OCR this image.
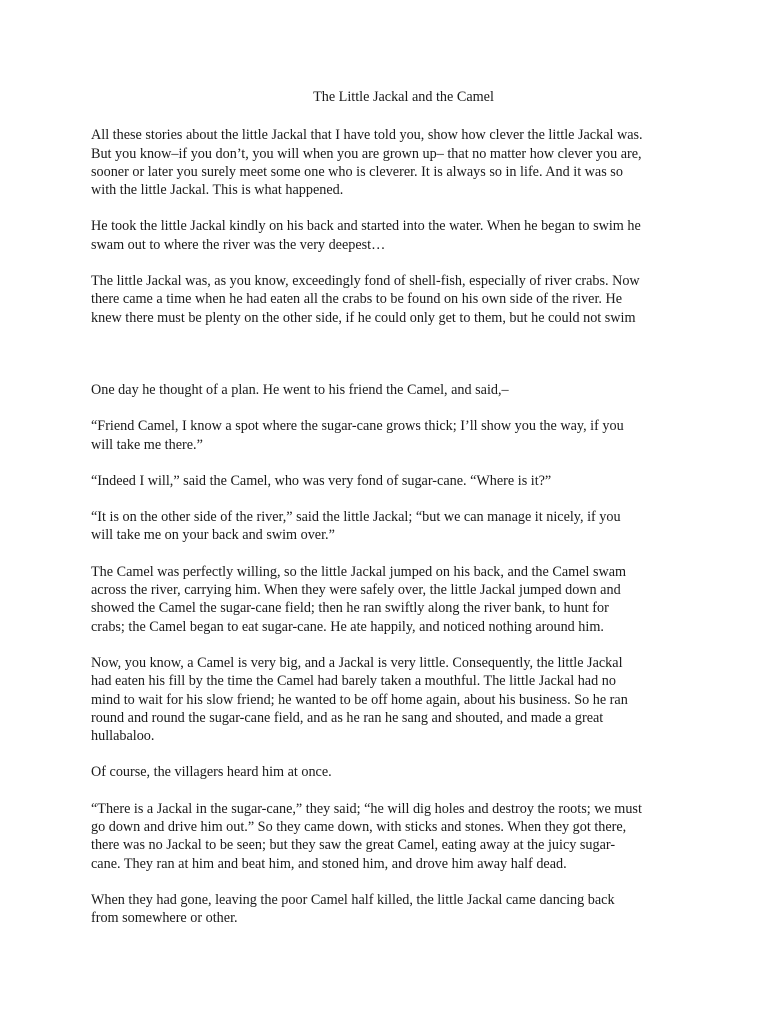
The Little Jackal and the Camel

All these stories about the little Jackal that I have told you, show how clever the little Jackal was.
But you know–if you don’t, you will when you are grown up– that no matter how clever you are,
sooner or later you surely meet some one who is cleverer. It is always so in life. And it was so
with the little Jackal. This is what happened.

He took the little Jackal kindly on his back and started into the water. When he began to swim he
swam out to where the river was the very deepest…

The little Jackal was, as you know, exceedingly fond of shell-fish, especially of river crabs. Now
there came a time when he had eaten all the crabs to be found on his own side of the river. He
knew there must be plenty on the other side, if he could only get to them, but he could not swim

One day he thought of a plan. He went to his friend the Camel, and said,–

“Friend Camel, I know a spot where the sugar-cane grows thick; I’ll show you the way, if you
will take me there.”

“Indeed I will,” said the Camel, who was very fond of sugar-cane. “Where is it?”

“It is on the other side of the river,” said the little Jackal; “but we can manage it nicely, if you
will take me on your back and swim over.”

The Camel was perfectly willing, so the little Jackal jumped on his back, and the Camel swam
across the river, carrying him. When they were safely over, the little Jackal jumped down and
showed the Camel the sugar-cane field; then he ran swiftly along the river bank, to hunt for
crabs; the Camel began to eat sugar-cane. He ate happily, and noticed nothing around him.

Now, you know, a Camel is very big, and a Jackal is very little. Consequently, the little Jackal
had eaten his fill by the time the Camel had barely taken a mouthful. The little Jackal had no
mind to wait for his slow friend; he wanted to be off home again, about his business. So he ran
round and round the sugar-cane field, and as he ran he sang and shouted, and made a great
hullabaloo.

Of course, the villagers heard him at once.

“There is a Jackal in the sugar-cane,” they said; “he will dig holes and destroy the roots; we must
go down and drive him out.” So they came down, with sticks and stones. When they got there,
there was no Jackal to be seen; but they saw the great Camel, eating away at the juicy sugar-
cane. They ran at him and beat him, and stoned him, and drove him away half dead.

When they had gone, leaving the poor Camel half killed, the little Jackal came dancing back
from somewhere or other.
